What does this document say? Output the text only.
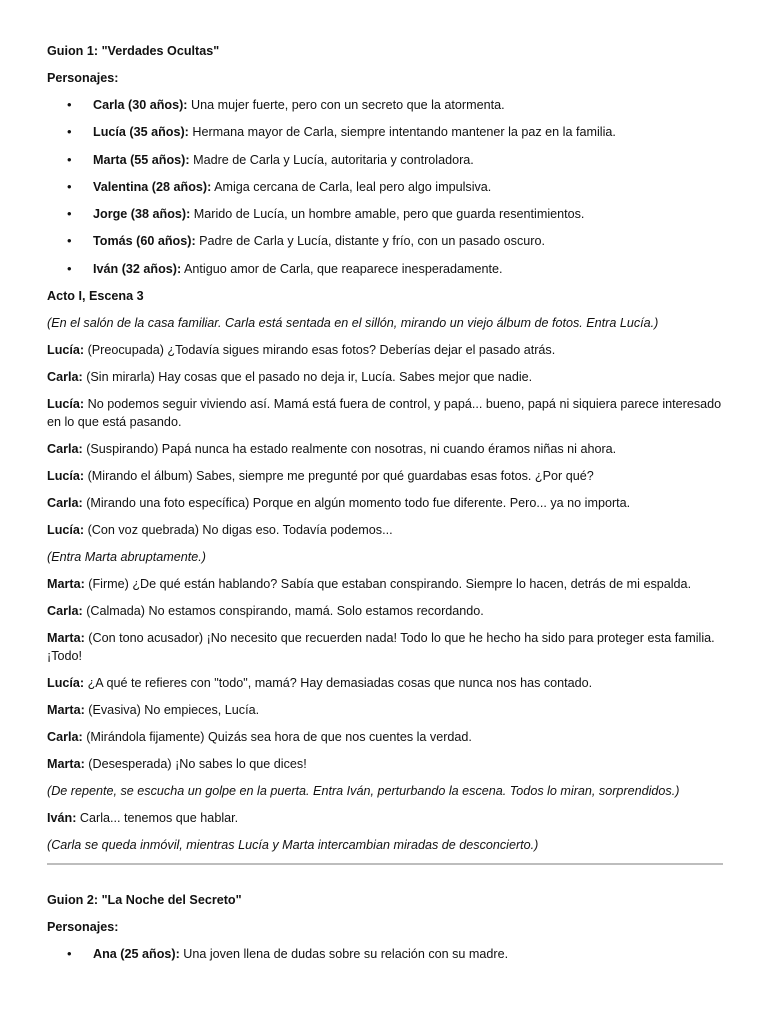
Guion 1: "Verdades Ocultas"

Personajes:

• Carla (30 años): Una mujer fuerte, pero con un secreto que la atormenta.
• Lucía (35 años): Hermana mayor de Carla, siempre intentando mantener la paz en la familia.
• Marta (55 años): Madre de Carla y Lucía, autoritaria y controladora.
• Valentina (28 años): Amiga cercana de Carla, leal pero algo impulsiva.
• Jorge (38 años): Marido de Lucía, un hombre amable, pero que guarda resentimientos.
• Tomás (60 años): Padre de Carla y Lucía, distante y frío, con un pasado oscuro.
• Iván (32 años): Antiguo amor de Carla, que reaparece inesperadamente.

Acto I, Escena 3

(En el salón de la casa familiar. Carla está sentada en el sillón, mirando un viejo álbum de fotos. Entra Lucía.)

Lucía: (Preocupada) ¿Todavía sigues mirando esas fotos? Deberías dejar el pasado atrás.

Carla: (Sin mirarla) Hay cosas que el pasado no deja ir, Lucía. Sabes mejor que nadie.

Lucía: No podemos seguir viviendo así. Mamá está fuera de control, y papá... bueno, papá ni siquiera parece interesado en lo que está pasando.

Carla: (Suspirando) Papá nunca ha estado realmente con nosotras, ni cuando éramos niñas ni ahora.

Lucía: (Mirando el álbum) Sabes, siempre me pregunté por qué guardabas esas fotos. ¿Por qué?

Carla: (Mirando una foto específica) Porque en algún momento todo fue diferente. Pero... ya no importa.

Lucía: (Con voz quebrada) No digas eso. Todavía podemos...

(Entra Marta abruptamente.)

Marta: (Firme) ¿De qué están hablando? Sabía que estaban conspirando. Siempre lo hacen, detrás de mi espalda.

Carla: (Calmada) No estamos conspirando, mamá. Solo estamos recordando.

Marta: (Con tono acusador) ¡No necesito que recuerden nada! Todo lo que he hecho ha sido para proteger esta familia. ¡Todo!

Lucía: ¿A qué te refieres con "todo", mamá? Hay demasiadas cosas que nunca nos has contado.

Marta: (Evasiva) No empieces, Lucía.

Carla: (Mirándola fijamente) Quizás sea hora de que nos cuentes la verdad.

Marta: (Desesperada) ¡No sabes lo que dices!

(De repente, se escucha un golpe en la puerta. Entra Iván, perturbando la escena. Todos lo miran, sorprendidos.)

Iván: Carla... tenemos que hablar.

(Carla se queda inmóvil, mientras Lucía y Marta intercambian miradas de desconcierto.)

Guion 2: "La Noche del Secreto"

Personajes:

• Ana (25 años): Una joven llena de dudas sobre su relación con su madre.
